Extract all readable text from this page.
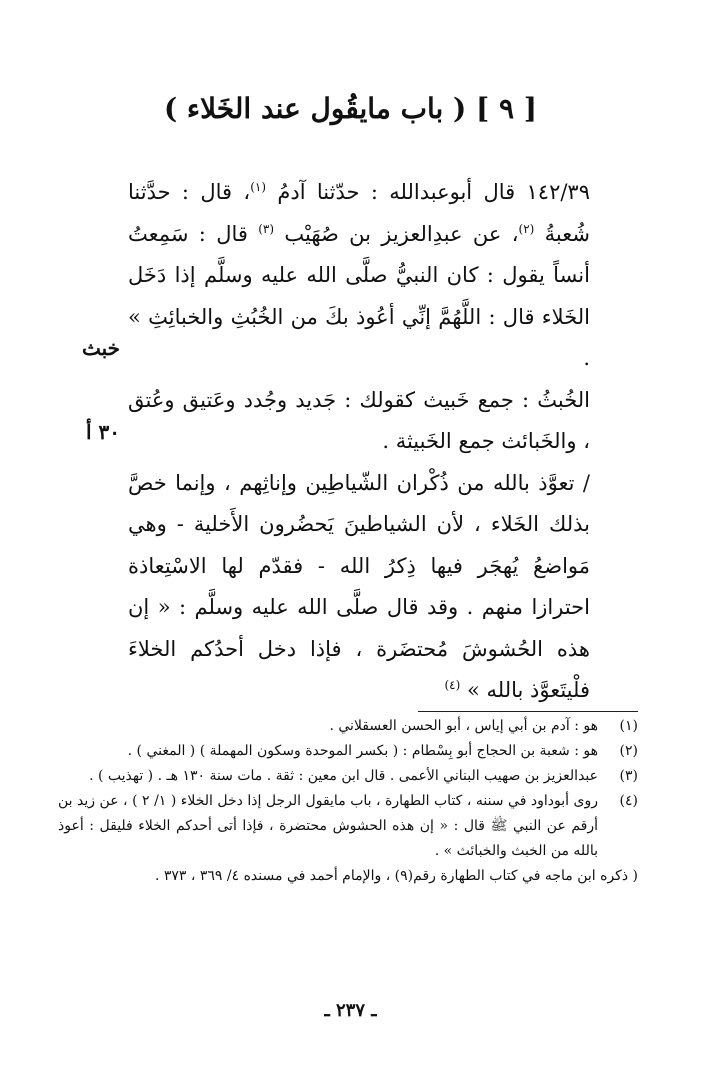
[ ٩ ] ( باب مايقُول عند الخَلاء )

١٤٢/٣٩ قال أبوعبدالله : حدّثنا آدمُ $^{(١)}$، قال : حدَّثنا شُعبةُ $^{(٢)}$، عن عبدِالعزيز بن صُهَيْب $^{(٣)}$ قال : سَمِعتُ أنساً يقول : كان النبيُّ صلَّى الله عليه وسلَّم إذا دَخَل الخَلاء قال : اللَّهُمَّ إنِّي أعُوذ بكَ من الخُبُثِ والخبائِثِ » .

الخُبثُ : جمع خَبيث كقولك : جَديد وجُدد وعَتيق وعُتق ، والخَبائث جمع الخَبيثة .

/ تعوَّذ بالله من ذُكْران الشّياطِين وإناثِهم ، وإنما خصَّ بذلك الخَلاء ، لأن الشياطينَ يَحضُرون الأَخلية - وهي مَواضعُ يُهجَر فيها ذِكرُ الله - فقدّم لها الاسْتِعاذة احترازا منهم . وقد قال صلَّى الله عليه وسلَّم : « إن هذه الحُشوشَ مُحتضَرة ، فإذا دخل أحدُكم الخلاءَ فلْيتَعوَّذ بالله » $^{(٤)}$

خبث
٣٠ أ
(١)
هو : آدم بن أبي إياس ، أبو الحسن العسقلاني .
(٢)
هو : شعبة بن الحجاج أبو بِسْطام : ( بكسر الموحدة وسكون المهملة ) ( المغني ) .
(٣)
عبدالعزيز بن صهيب البناني الأعمى . قال ابن معين : ثقة . مات سنة ١٣٠ هـ . ( تهذيب ) .
(٤)
روى أبوداود في سننه ، كتاب الطهارة ، باب مايقول الرجل إذا دخل الخلاء ( ١/ ٢ ) ، عن زيد بن أرقم عن النبي ﷺ قال : « إن هذه الحشوش محتضرة ، فإذا أتى أحدكم الخلاء فليقل : أعوذ بالله من الخبث والخبائث » .
( ذكره ابن ماجه في كتاب الطهارة رقم(٩) ، والإمام أحمد في مسنده ٤/ ٣٦٩ ، ٣٧٣ .
ـ ٢٣٧ ـ
